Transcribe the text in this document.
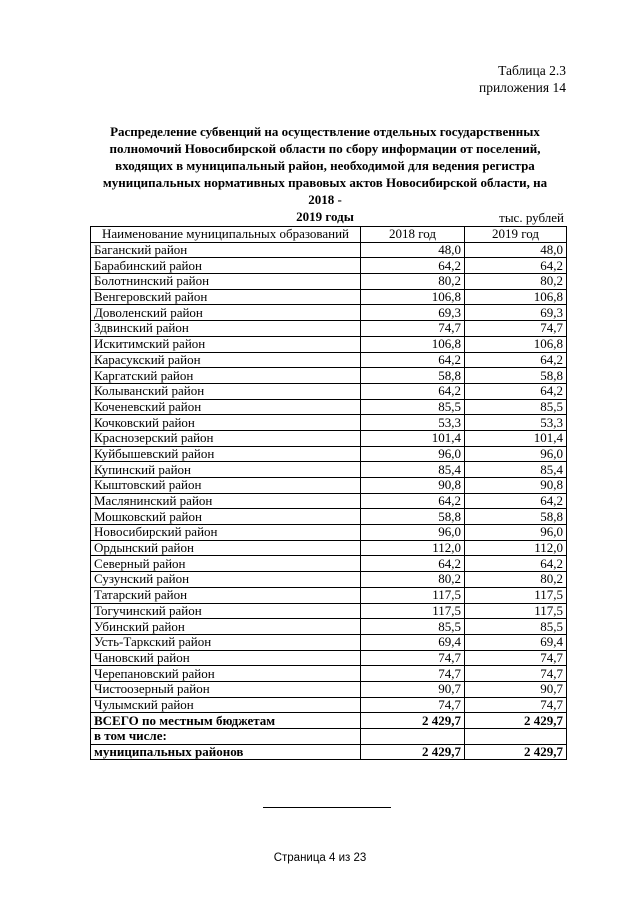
Таблица 2.3
приложения 14
Распределение субвенций на осуществление отдельных государственных
полномочий Новосибирской области по сбору информации от поселений,
входящих в муниципальный район, необходимой для ведения регистра
муниципальных нормативных правовых актов Новосибирской области, на 2018 -
2019 годы	тыс. рублей
Наименование муниципальных образований	2018 год	2019 год
Баганский район	48,0	48,0
Барабинский район	64,2	64,2
Болотнинский район	80,2	80,2
Венгеровский район	106,8	106,8
Доволенский район	69,3	69,3
Здвинский район	74,7	74,7
Искитимский район	106,8	106,8
Карасукский район	64,2	64,2
Каргатский район	58,8	58,8
Колыванский район	64,2	64,2
Коченевский район	85,5	85,5
Кочковский район	53,3	53,3
Краснозерский район	101,4	101,4
Куйбышевский район	96,0	96,0
Купинский район	85,4	85,4
Кыштовский район	90,8	90,8
Маслянинский район	64,2	64,2
Мошковский район	58,8	58,8
Новосибирский район	96,0	96,0
Ордынский район	112,0	112,0
Северный район	64,2	64,2
Сузунский район	80,2	80,2
Татарский район	117,5	117,5
Тогучинский район	117,5	117,5
Убинский район	85,5	85,5
Усть-Таркский район	69,4	69,4
Чановский район	74,7	74,7
Черепановский район	74,7	74,7
Чистоозерный район	90,7	90,7
Чулымский район	74,7	74,7
ВСЕГО по местным бюджетам	2 429,7	2 429,7
в том числе:		
муниципальных районов	2 429,7	2 429,7
Страница 4 из 23
